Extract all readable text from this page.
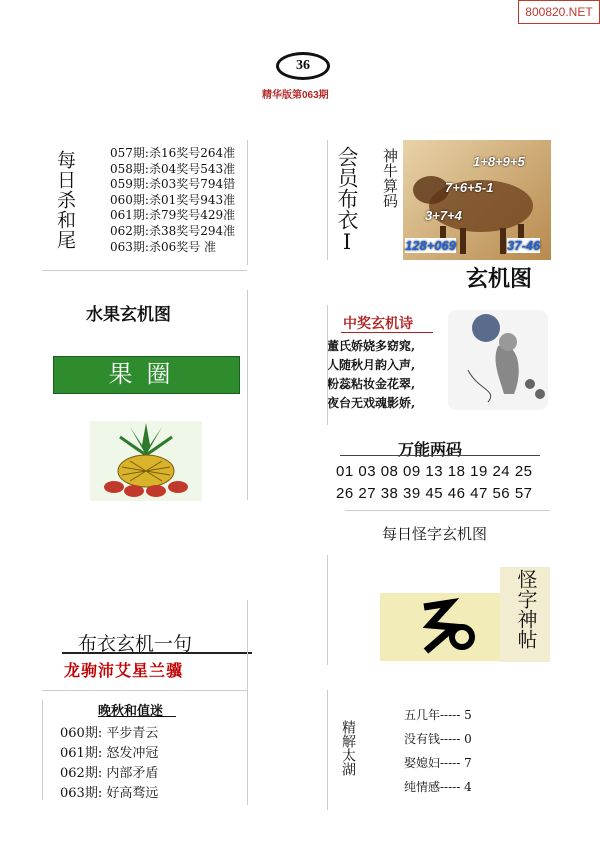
800820.NET
36
精华版第063期
每日杀和尾	057期:杀16奖号264准
058期:杀04奖号543准
059期:杀03奖号794错
060期:杀01奖号943准
061期:杀79奖号429准
062期:杀38奖号294准
063期:杀06奖号 准
水果玄机图
果圈
会员布衣Ⅰ 神牛算码	1+8+9+5
7+6+5-1
3+7+4
128+069	37-46
玄机图
中奖玄机诗
董氏娇娆多窈窕,
人随秋月韵入声,
粉蕊粘妆金花翠,
夜台无戏魂影娇,
万能两码
01 03 08 09 13 18 19 24 25
26 27 38 39 45 46 47 56 57
每日怪字玄机图
怪字神帖
布衣玄机一句
龙驹沛艾星兰骥
晚秋和值迷
060期: 平步青云
061期: 怒发冲冠
062期: 内部矛盾
063期: 好高骛远
精解太湖
五几年----- 5
没有钱----- 0
娶媳妇----- 7
纯情感----- 4
